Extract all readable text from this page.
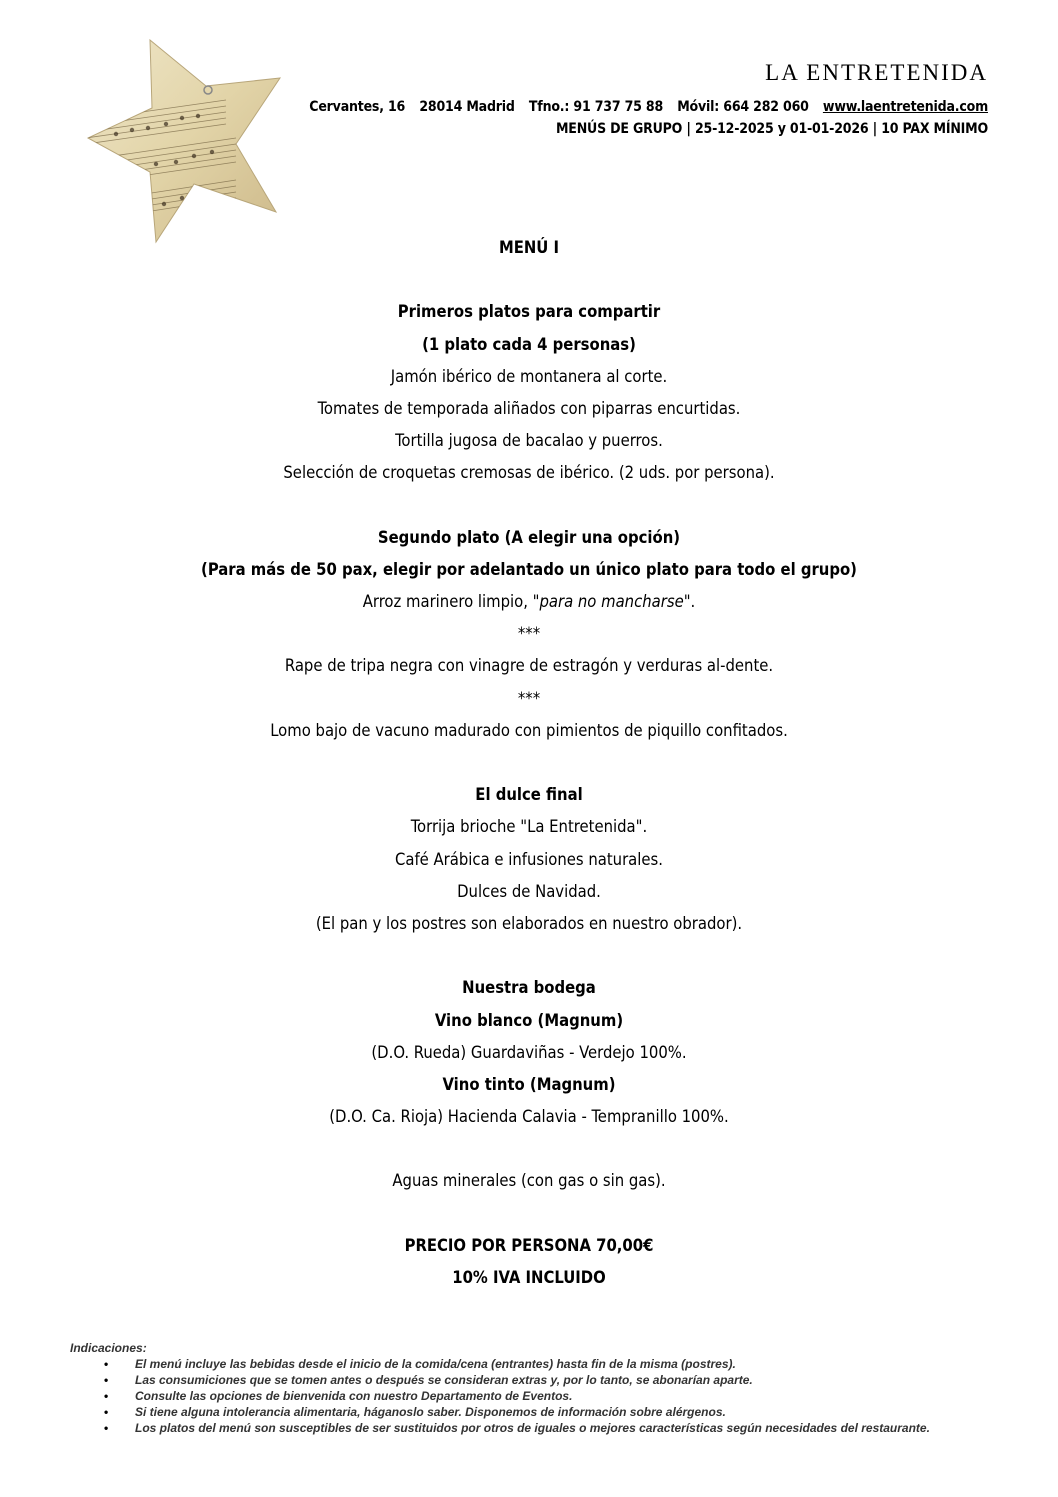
LA ENTRETENIDA
Cervantes, 16 28014 Madrid Tfno.: 91 737 75 88 Móvil: 664 282 060 www.laentretenida.com
MENÚS DE GRUPO | 25-12-2025 y 01-01-2026 | 10 PAX MÍNIMO
MENÚ I
Primeros platos para compartir
(1 plato cada 4 personas)
Jamón ibérico de montanera al corte.
Tomates de temporada aliñados con piparras encurtidas.
Tortilla jugosa de bacalao y puerros.
Selección de croquetas cremosas de ibérico. (2 uds. por persona).
Segundo plato (A elegir una opción)
(Para más de 50 pax, elegir por adelantado un único plato para todo el grupo)
Arroz marinero limpio, "para no mancharse".
***
Rape de tripa negra con vinagre de estragón y verduras al-dente.
***
Lomo bajo de vacuno madurado con pimientos de piquillo confitados.
El dulce final
Torrija brioche "La Entretenida".
Café Arábica e infusiones naturales.
Dulces de Navidad.
(El pan y los postres son elaborados en nuestro obrador).
Nuestra bodega
Vino blanco (Magnum)
(D.O. Rueda) Guardaviñas - Verdejo 100%.
Vino tinto (Magnum)
(D.O. Ca. Rioja) Hacienda Calavia - Tempranillo 100%.
Aguas minerales (con gas o sin gas).
PRECIO POR PERSONA 70,00€
10% IVA INCLUIDO
Indicaciones:
• El menú incluye las bebidas desde el inicio de la comida/cena (entrantes) hasta fin de la misma (postres).
• Las consumiciones que se tomen antes o después se consideran extras y, por lo tanto, se abonarían aparte.
• Consulte las opciones de bienvenida con nuestro Departamento de Eventos.
• Si tiene alguna intolerancia alimentaria, háganoslo saber. Disponemos de información sobre alérgenos.
• Los platos del menú son susceptibles de ser sustituidos por otros de iguales o mejores características según necesidades del restaurante.
